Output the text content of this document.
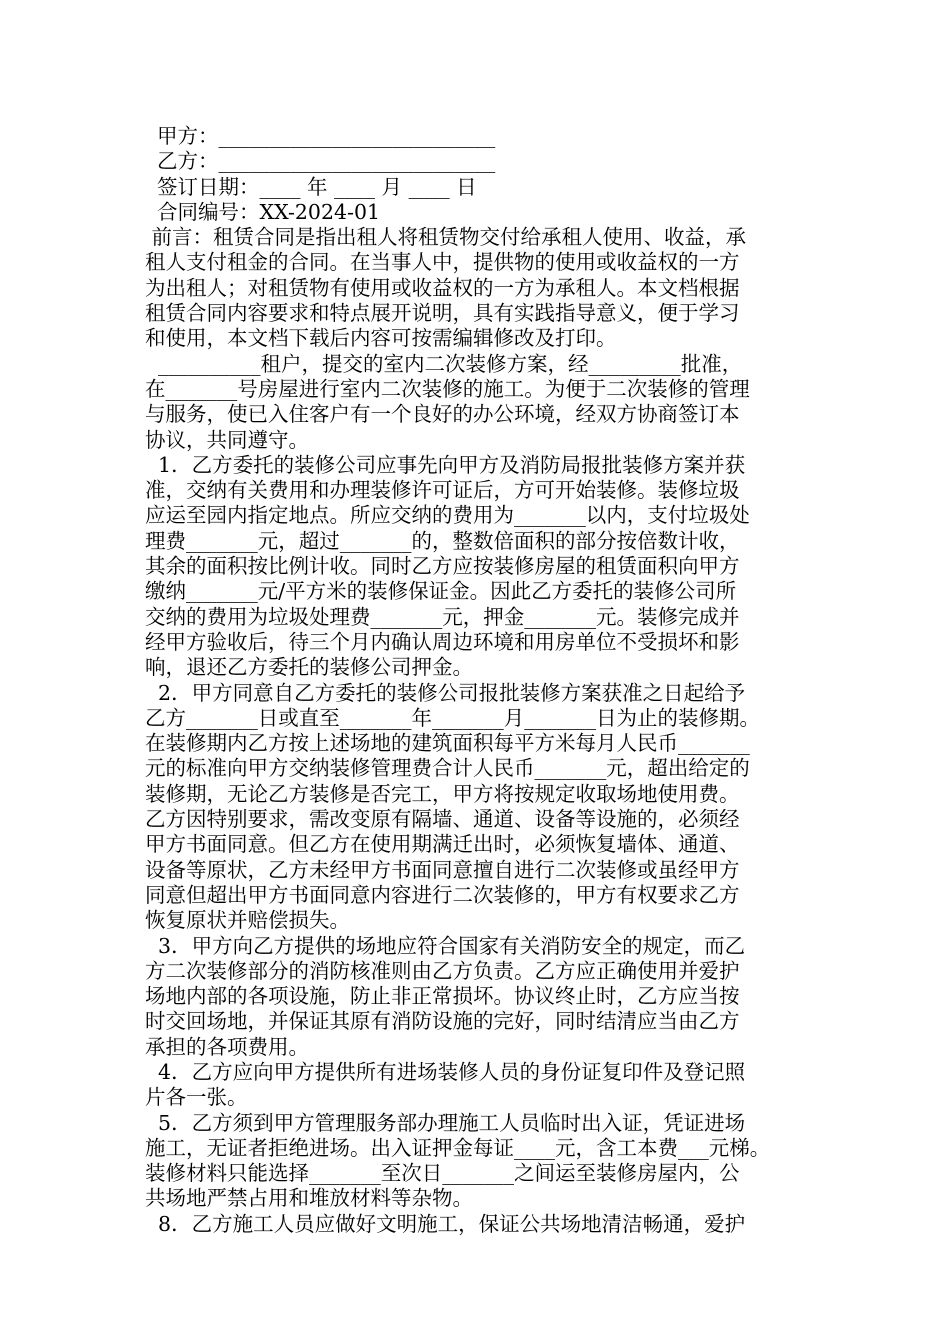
甲方：___________________________
乙方：___________________________
签订日期：____ 年 ____ 月 ____ 日
合同编号：XX-2024-01
前言：租赁合同是指出租人将租赁物交付给承租人使用、收益，承
租人支付租金的合同。在当事人中，提供物的使用或收益权的一方
为出租人；对租赁物有使用或收益权的一方为承租人。本文档根据
租赁合同内容要求和特点展开说明，具有实践指导意义，便于学习
和使用，本文档下载后内容可按需编辑修改及打印。
__________租户，提交的室内二次装修方案，经_________批准，
在_______号房屋进行室内二次装修的施工。为便于二次装修的管理
与服务，使已入住客户有一个良好的办公环境，经双方协商签订本
协议，共同遵守。
1．乙方委托的装修公司应事先向甲方及消防局报批装修方案并获
准，交纳有关费用和办理装修许可证后，方可开始装修。装修垃圾
应运至园内指定地点。所应交纳的费用为_______以内，支付垃圾处
理费_______元，超过_______的，整数倍面积的部分按倍数计收，
其余的面积按比例计收。同时乙方应按装修房屋的租赁面积向甲方
缴纳_______元/平方米的装修保证金。因此乙方委托的装修公司所
交纳的费用为垃圾处理费_______元，押金_______元。装修完成并
经甲方验收后，待三个月内确认周边环境和用房单位不受损坏和影
响，退还乙方委托的装修公司押金。
2．甲方同意自乙方委托的装修公司报批装修方案获准之日起给予
乙方_______日或直至_______年_______月_______日为止的装修期。
在装修期内乙方按上述场地的建筑面积每平方米每月人民币_______
元的标准向甲方交纳装修管理费合计人民币_______元，超出给定的
装修期，无论乙方装修是否完工，甲方将按规定收取场地使用费。
乙方因特别要求，需改变原有隔墙、通道、设备等设施的，必须经
甲方书面同意。但乙方在使用期满迁出时，必须恢复墙体、通道、
设备等原状，乙方未经甲方书面同意擅自进行二次装修或虽经甲方
同意但超出甲方书面同意内容进行二次装修的，甲方有权要求乙方
恢复原状并赔偿损失。
3．甲方向乙方提供的场地应符合国家有关消防安全的规定，而乙
方二次装修部分的消防核准则由乙方负责。乙方应正确使用并爱护
场地内部的各项设施，防止非正常损坏。协议终止时，乙方应当按
时交回场地，并保证其原有消防设施的完好，同时结清应当由乙方
承担的各项费用。
4．乙方应向甲方提供所有进场装修人员的身份证复印件及登记照
片各一张。
5．乙方须到甲方管理服务部办理施工人员临时出入证，凭证进场
施工，无证者拒绝进场。出入证押金每证____元，含工本费___元梯。
装修材料只能选择_______至次日_______之间运至装修房屋内，公
共场地严禁占用和堆放材料等杂物。
8．乙方施工人员应做好文明施工，保证公共场地清洁畅通，爱护
